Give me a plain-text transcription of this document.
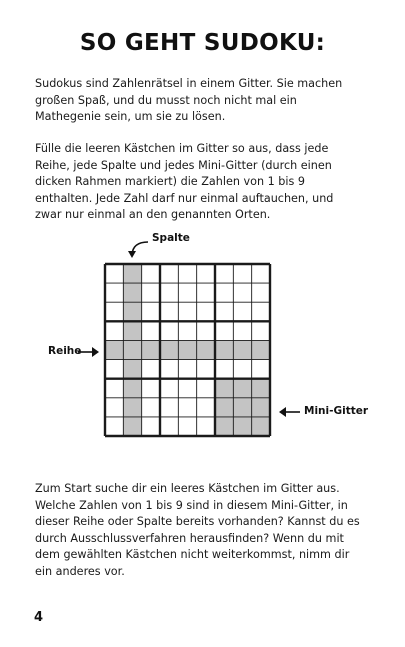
SO GEHT SUDOKU:
Sudokus sind Zahlenrätsel in einem Gitter. Sie machen großen Spaß, und du musst noch nicht mal ein Mathegenie sein, um sie zu lösen.
Fülle die leeren Kästchen im Gitter so aus, dass jede Reihe, jede Spalte und jedes Mini-Gitter (durch einen dicken Rahmen markiert) die Zahlen von 1 bis 9 enthalten. Jede Zahl darf nur einmal auftauchen, und zwar nur einmal an den genannten Orten.
Spalte
Reihe
Mini-Gitter
Zum Start suche dir ein leeres Kästchen im Gitter aus. Welche Zahlen von 1 bis 9 sind in diesem Mini-Gitter, in dieser Reihe oder Spalte bereits vorhanden? Kannst du es durch Ausschlussverfahren herausfinden? Wenn du mit dem gewählten Kästchen nicht weiterkommst, nimm dir ein anderes vor.
4
